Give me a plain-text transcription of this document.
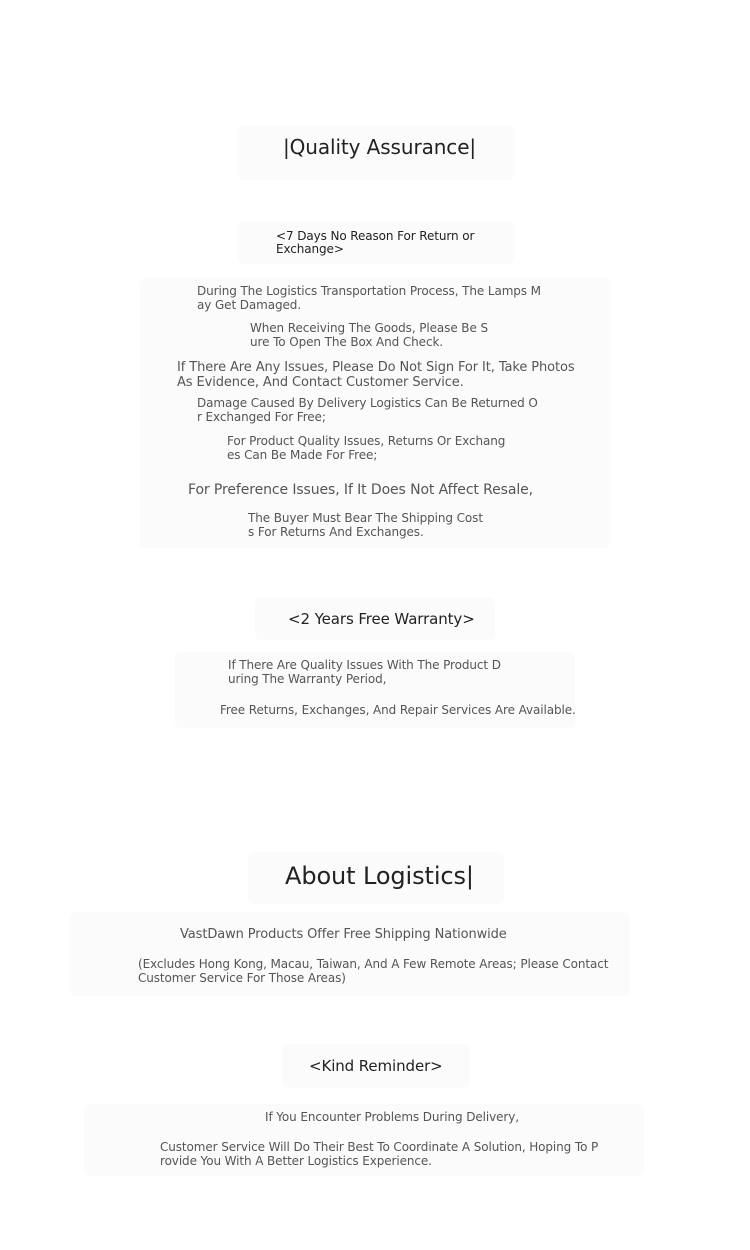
|Quality Assurance|
<7 Days No Reason For Return or Exchange>
During The Logistics Transportation Process, The Lamps May Get Damaged.
When Receiving The Goods, Please Be Sure To Open The Box And Check.
If There Are Any Issues, Please Do Not Sign For It, Take Photos As Evidence, And Contact Customer Service.
Damage Caused By Delivery Logistics Can Be Returned Or Exchanged For Free;
For Product Quality Issues, Returns Or Exchanges Can Be Made For Free;
For Preference Issues, If It Does Not Affect Resale,
The Buyer Must Bear The Shipping Costs For Returns And Exchanges.
<2 Years Free Warranty>
If There Are Quality Issues With The Product During The Warranty Period,
Free Returns, Exchanges, And Repair Services Are Available.
About Logistics|
VastDawn Products Offer Free Shipping Nationwide
(Excludes Hong Kong, Macau, Taiwan, And A Few Remote Areas; Please Contact Customer Service For Those Areas)
<Kind Reminder>
If You Encounter Problems During Delivery,
Customer Service Will Do Their Best To Coordinate A Solution, Hoping To Provide You With A Better Logistics Experience.
